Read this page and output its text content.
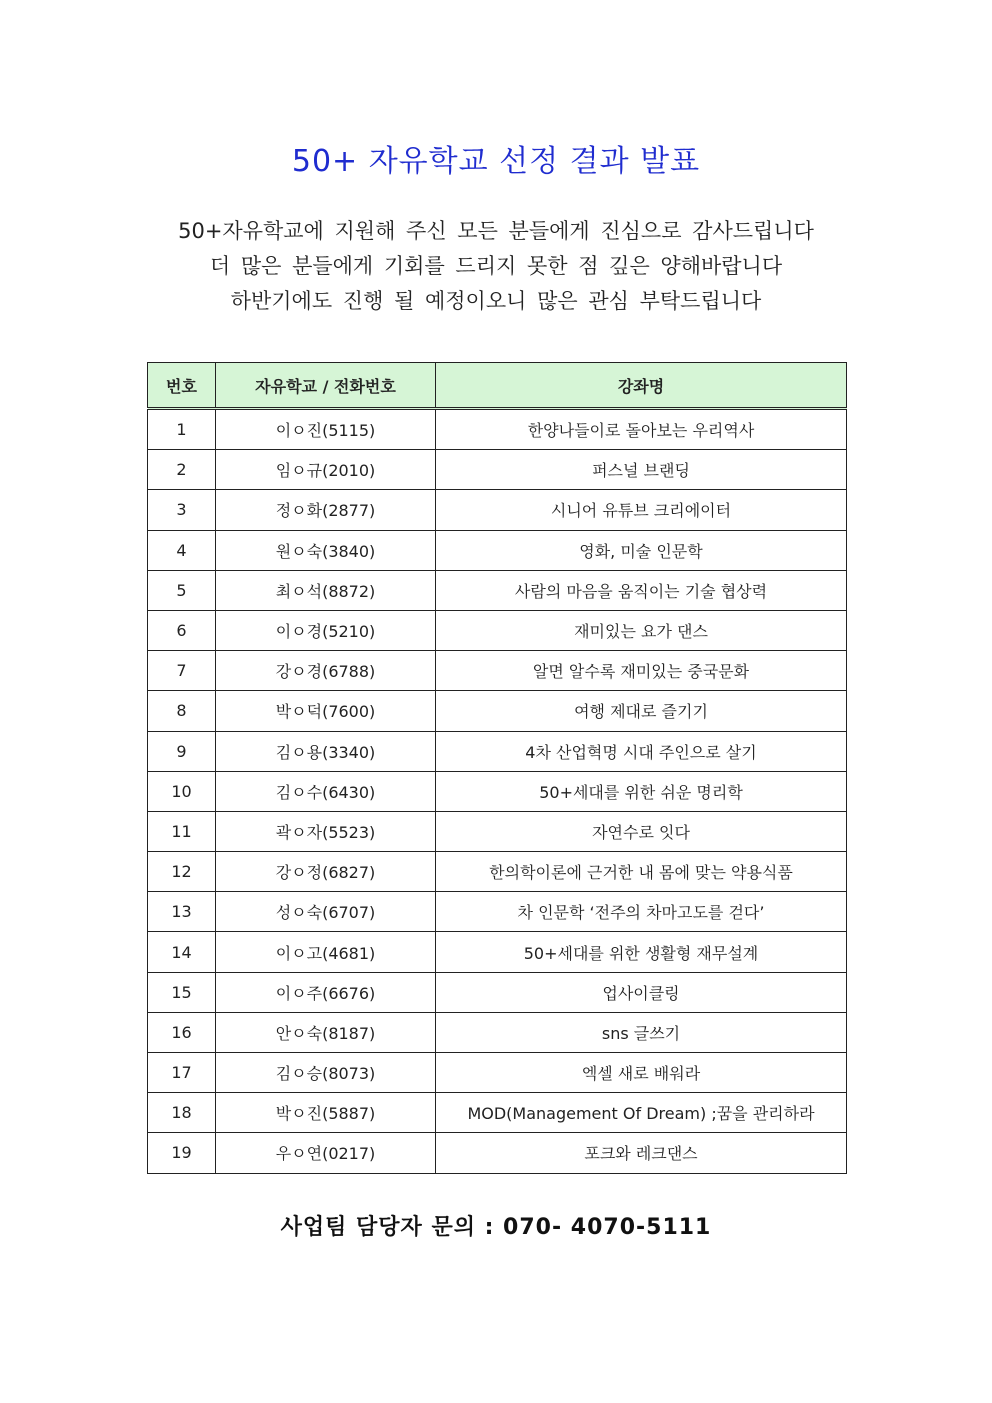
50+ 자유학교 선정 결과 발표
50+자유학교에 지원해 주신 모든 분들에게 진심으로 감사드립니다
더 많은 분들에게 기회를 드리지 못한 점 깊은 양해바랍니다
하반기에도 진행 될 예정이오니 많은 관심 부탁드립니다
번호	자유학교 / 전화번호	강좌명
1	이ㅇ진(5115)	한양나들이로 돌아보는 우리역사
2	임ㅇ규(2010)	퍼스널 브랜딩
3	정ㅇ화(2877)	시니어 유튜브 크리에이터
4	원ㅇ숙(3840)	영화, 미술 인문학
5	최ㅇ석(8872)	사람의 마음을 움직이는 기술 협상력
6	이ㅇ경(5210)	재미있는 요가 댄스
7	강ㅇ경(6788)	알면 알수록 재미있는 중국문화
8	박ㅇ덕(7600)	여행 제대로 즐기기
9	김ㅇ용(3340)	4차 산업혁명 시대 주인으로 살기
10	김ㅇ수(6430)	50+세대를 위한 쉬운 명리학
11	곽ㅇ자(5523)	자연수로 잇다
12	강ㅇ정(6827)	한의학이론에 근거한 내 몸에 맞는 약용식품
13	성ㅇ숙(6707)	차 인문학 ‘전주의 차마고도를 걷다’
14	이ㅇ고(4681)	50+세대를 위한 생활형 재무설계
15	이ㅇ주(6676)	업사이클링
16	안ㅇ숙(8187)	sns 글쓰기
17	김ㅇ승(8073)	엑셀 새로 배워라
18	박ㅇ진(5887)	MOD(Management Of Dream) ;꿈을 관리하라
19	우ㅇ연(0217)	포크와 레크댄스
사업팀 담당자 문의 : 070- 4070-5111
